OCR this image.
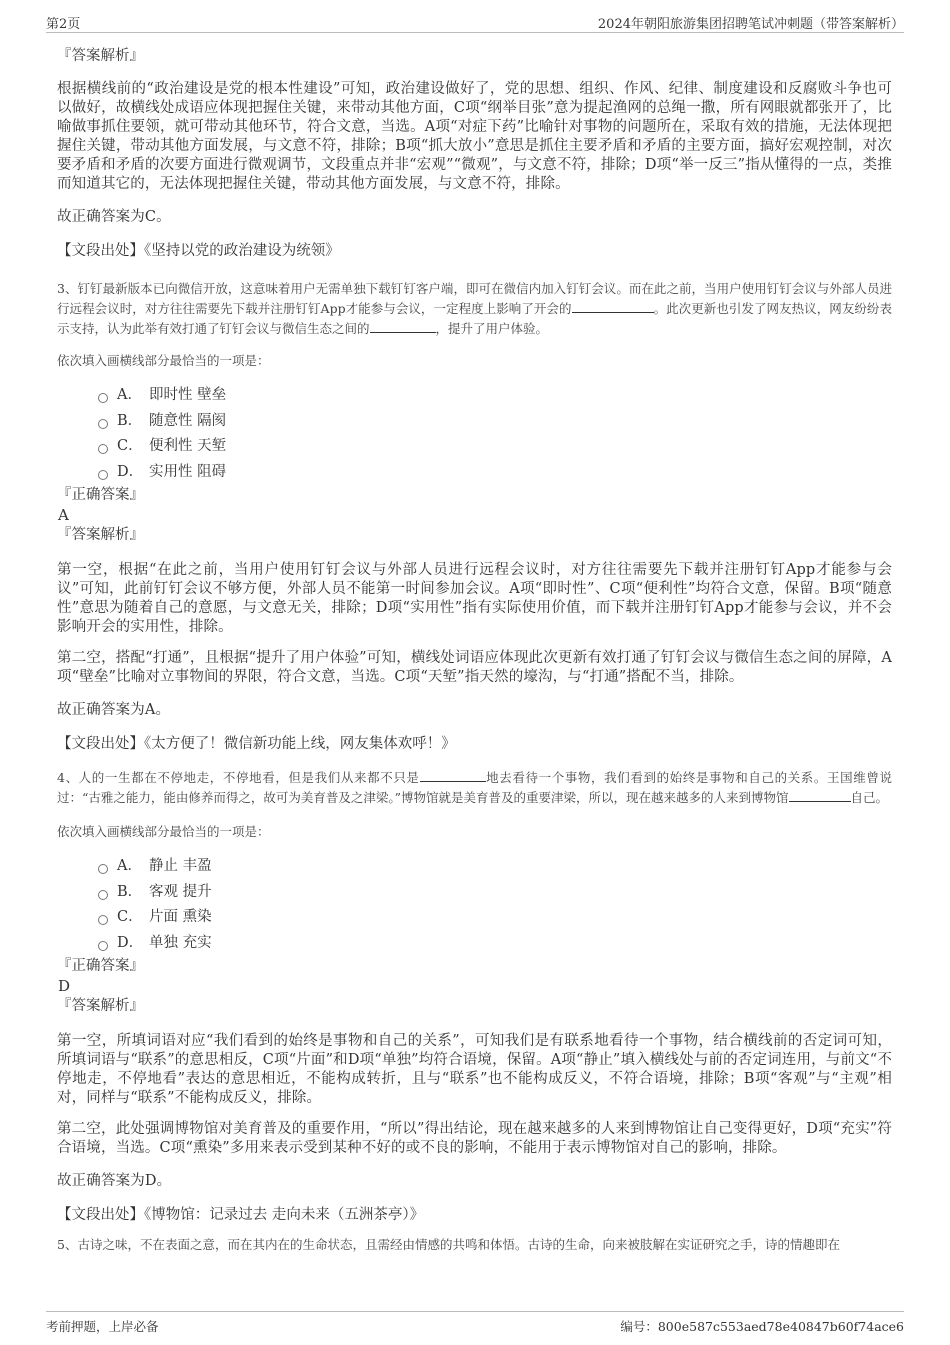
第2页	2024年朝阳旅游集团招聘笔试冲刺题（带答案解析）

『答案解析』

根据横线前的“政治建设是党的根本性建设”可知，政治建设做好了，党的思想、组织、作风、纪律、制度建设和反腐败斗争也可以做好，故横线处成语应体现把握住关键，来带动其他方面，C项“纲举目张”意为提起渔网的总绳一撒，所有网眼就都张开了，比喻做事抓住要领，就可带动其他环节，符合文意，当选。A项“对症下药”比喻针对事物的问题所在，采取有效的措施，无法体现把握住关键，带动其他方面发展，与文意不符，排除；B项“抓大放小”意思是抓住主要矛盾和矛盾的主要方面，搞好宏观控制，对次要矛盾和矛盾的次要方面进行微观调节，文段重点并非“宏观”“微观”，与文意不符，排除；D项“举一反三”指从懂得的一点，类推而知道其它的，无法体现把握住关键，带动其他方面发展，与文意不符，排除。

故正确答案为C。

【文段出处】《坚持以党的政治建设为统领》

3、钉钉最新版本已向微信开放，这意味着用户无需单独下载钉钉客户端，即可在微信内加入钉钉会议。而在此之前，当用户使用钉钉会议与外部人员进行远程会议时，对方往往需要先下载并注册钉钉App才能参与会议，一定程度上影响了开会的	。此次更新也引发了网友热议，网友纷纷表示支持，认为此举有效打通了钉钉会议与微信生态之间的	，提升了用户体验。

依次填入画横线部分最恰当的一项是：

A． 即时性 壁垒
B． 随意性 隔阂
C． 便利性 天堑
D． 实用性 阻碍

『正确答案』

A

『答案解析』

第一空，根据“在此之前，当用户使用钉钉会议与外部人员进行远程会议时，对方往往需要先下载并注册钉钉App才能参与会议”可知，此前钉钉会议不够方便，外部人员不能第一时间参加会议。A项“即时性”、C项“便利性”均符合文意，保留。B项“随意性”意思为随着自己的意愿，与文意无关，排除；D项“实用性”指有实际使用价值，而下载并注册钉钉App才能参与会议，并不会影响开会的实用性，排除。

第二空，搭配“打通”，且根据“提升了用户体验”可知，横线处词语应体现此次更新有效打通了钉钉会议与微信生态之间的屏障，A项“壁垒”比喻对立事物间的界限，符合文意，当选。C项“天堑”指天然的壕沟，与“打通”搭配不当，排除。

故正确答案为A。

【文段出处】《太方便了！微信新功能上线，网友集体欢呼！》

4、人的一生都在不停地走，不停地看，但是我们从来都不只是	地去看待一个事物，我们看到的始终是事物和自己的关系。王国维曾说过：“古雅之能力，能由修养而得之，故可为美育普及之津梁。”博物馆就是美育普及的重要津梁，所以，现在越来越多的人来到博物馆	自己。

依次填入画横线部分最恰当的一项是：

A． 静止 丰盈
B． 客观 提升
C． 片面 熏染
D． 单独 充实

『正确答案』

D

『答案解析』

第一空，所填词语对应“我们看到的始终是事物和自己的关系”，可知我们是有联系地看待一个事物，结合横线前的否定词可知，所填词语与“联系”的意思相反，C项“片面”和D项“单独”均符合语境，保留。A项“静止”填入横线处与前的否定词连用，与前文“不停地走，不停地看”表达的意思相近，不能构成转折，且与“联系”也不能构成反义，不符合语境，排除；B项“客观”与“主观”相对，同样与“联系”不能构成反义，排除。

第二空，此处强调博物馆对美育普及的重要作用，“所以”得出结论，现在越来越多的人来到博物馆让自己变得更好，D项“充实”符合语境，当选。C项“熏染”多用来表示受到某种不好的或不良的影响，不能用于表示博物馆对自己的影响，排除。

故正确答案为D。

【文段出处】《博物馆：记录过去 走向未来（五洲茶亭）》

5、古诗之味，不在表面之意，而在其内在的生命状态，且需经由情感的共鸣和体悟。古诗的生命，向来被肢解在实证研究之手，诗的情趣即在

考前押题，上岸必备	编号：800e587c553aed78e40847b60f74ace6
